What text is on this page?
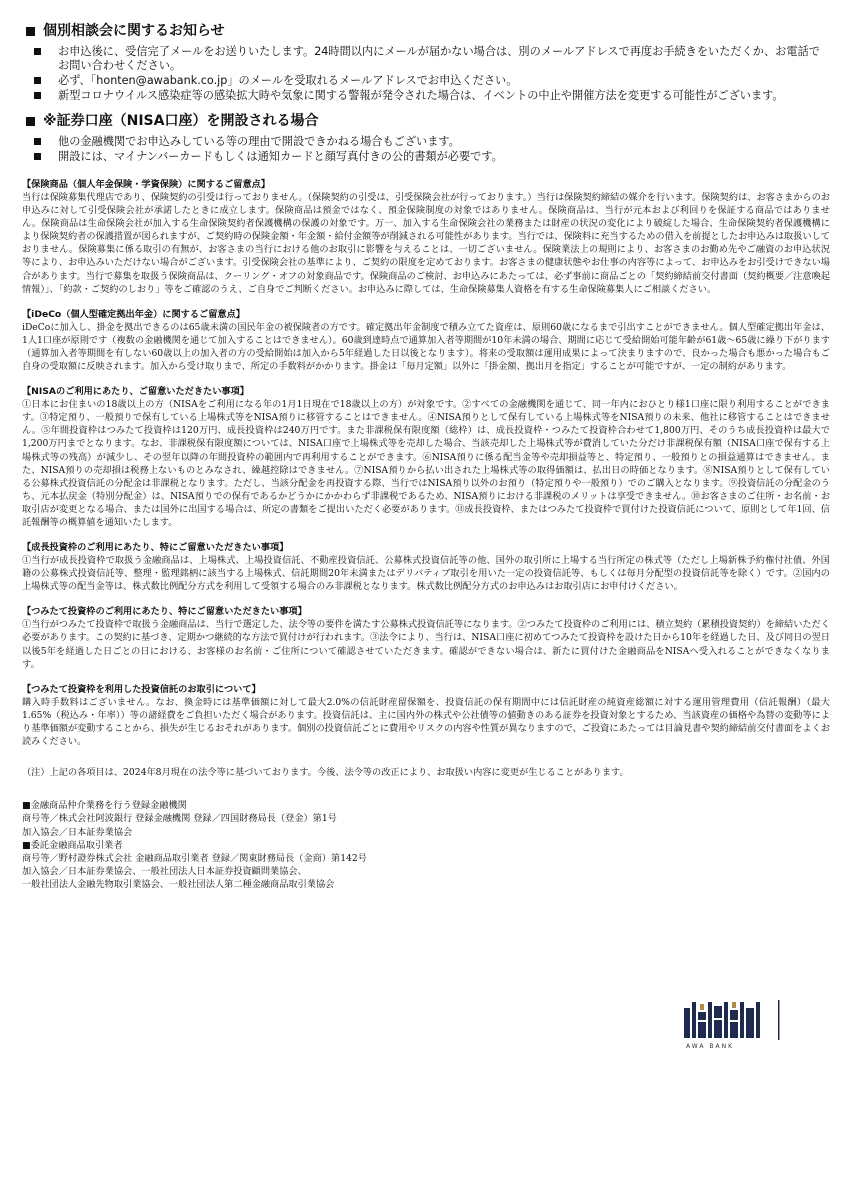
個別相談会に関するお知らせ
お申込後に、受信完了メールをお送りいたします。24時間以内にメールが届かない場合は、別のメールアドレスで再度お手続きをいただくか、お電話でお問い合わせください。
必ず、「honten@awabank.co.jp」のメールを受取れるメールアドレスでお申込ください。
新型コロナウイルス感染症等の感染拡大時や気象に関する警報が発令された場合は、イベントの中止や開催方法を変更する可能性がございます。
※証券口座（NISA口座）を開設される場合
他の金融機関でお申込みしている等の理由で開設できかねる場合もございます。
開設には、マイナンバーカードもしくは通知カードと顔写真付きの公的書類が必要です。
【保険商品（個人年金保険・学資保険）に関するご留意点】
当行は保険募集代理店であり、保険契約の引受は行っておりません。（保険契約の引受は、引受保険会社が行っております。）当行は保険契約締結の媒介を行います。保険契約は、お客さまからのお申込みに対して引受保険会社が承諾したときに成立します。保険商品は預金ではなく、預金保険制度の対象ではありません。保険商品は、当行が元本および利回りを保証する商品ではありません。保険商品は生命保険会社が加入する生命保険契約者保護機構の保護の対象です。万一、加入する生命保険会社の業務または財産の状況の変化により破綻した場合、生命保険契約者保護機構により保険契約者の保護措置が図られますが、ご契約時の保険金額・年金額・給付金額等が削減される可能性があります。当行では、保険料に充当するための借入を前提としたお申込みは取扱いしておりません。保険募集に係る取引の有無が、お客さまの当行における他のお取引に影響を与えることは、一切ございません。保険業法上の規則により、お客さまのお勤め先やご融資のお申込状況等により、お申込みいただけない場合がございます。引受保険会社の基準により、ご契約の限度を定めております。お客さまの健康状態やお仕事の内容等によって、お申込みをお引受けできない場合があります。当行で募集を取扱う保険商品は、クーリング・オフの対象商品です。保険商品のご検討、お申込みにあたっては、必ず事前に商品ごとの「契約締結前交付書面（契約概要／注意喚起情報）」、「約款・ご契約のしおり」等をご確認のうえ、ご自身でご判断ください。お申込みに際しては、生命保険募集人資格を有する生命保険募集人にご相談ください。
【iDeCo（個人型確定拠出年金）に関するご留意点】
iDeCoに加入し、掛金を拠出できるのは65歳未満の国民年金の被保険者の方です。確定拠出年金制度で積み立てた資産は、原則60歳になるまで引出すことができません。個人型確定拠出年金は、1人1口座が原則です（複数の金融機関を通じて加入することはできません）。60歳到達時点で通算加入者等期間が10年未満の場合、期間に応じて受給開始可能年齢が61歳～65歳に繰り下がります（通算加入者等期間を有しない60歳以上の加入者の方の受給開始は加入から5年経過した日以後となります）。将来の受取額は運用成果によって決まりますので、良かった場合も悪かった場合もご自身の受取額に反映されます。加入から受け取りまで、所定の手数料がかかります。掛金は「毎月定額」以外に「掛金額、拠出月を指定」することが可能ですが、一定の制約があります。
【NISAのご利用にあたり、ご留意いただきたい事項】
①日本にお住まいの18歳以上の方（NISAをご利用になる年の1月1日現在で18歳以上の方）が対象です。②すべての金融機関を通じて、同一年内におひとり様1口座に限り利用することができます。③特定預り、一般預りで保有している上場株式等をNISA預りに移管することはできません。④NISA預りとして保有している上場株式等をNISA預りの未来、他社に移管することはできません。⑤年間投資枠はつみたて投資枠は120万円、成長投資枠は240万円です。また非課税保有限度額（総枠）は、成長投資枠・つみたて投資枠合わせて1,800万円、そのうち成長投資枠は最大で1,200万円までとなります。なお、非課税保有限度額については、NISA口座で上場株式等を売却した場合、当該売却した上場株式等が費消していた分だけ非課税保有額（NISA口座で保有する上場株式等の残高）が減少し、その翌年以降の年間投資枠の範囲内で再利用することができます。⑥NISA預りに係る配当金等や売却損益等と、特定預り、一般預りとの損益通算はできません。また、NISA預りの売却損は税務上ないものとみなされ、繰越控除はできません。⑦NISA預りから払い出された上場株式等の取得価額は、払出日の時価となります。⑧NISA預りとして保有している公募株式投資信託の分配金は非課税となります。ただし、当該分配金を再投資する際、当行ではNISA預り以外のお預り（特定預りや一般預り）でのご購入となります。⑨投資信託の分配金のうち、元本払戻金（特別分配金）は、NISA預りでの保有であるかどうかにかかわらず非課税であるため、NISA預りにおける非課税のメリットは享受できません。⑩お客さまのご住所・お名前・お取引店が変更となる場合、または国外に出国する場合は、所定の書類をご提出いただく必要があります。⑪成長投資枠、またはつみたて投資枠で買付けた投資信託について、原則として年1回、信託報酬等の概算値を通知いたします。
【成長投資枠のご利用にあたり、特にご留意いただきたい事項】
①当行が成長投資枠で取扱う金融商品は、上場株式、上場投資信託、不動産投資信託、公募株式投資信託等の他、国外の取引所に上場する当行所定の株式等（ただし上場新株予約権付社債、外国籍の公募株式投資信託等、整理・監理銘柄に該当する上場株式、信託期間20年未満またはデリバティブ取引を用いた一定の投資信託等、もしくは毎月分配型の投資信託等を除く）です。②国内の上場株式等の配当金等は、株式数比例配分方式を利用して受領する場合のみ非課税となります。株式数比例配分方式のお申込みはお取引店にお申付けください。
【つみたて投資枠のご利用にあたり、特にご留意いただきたい事項】
①当行がつみたて投資枠で取扱う金融商品は、当行で選定した、法令等の要件を満たす公募株式投資信託等になります。②つみたて投資枠のご利用には、積立契約（累積投資契約）を締結いただく必要があります。この契約に基づき、定期かつ継続的な方法で買付けが行われます。③法令により、当行は、NISA口座に初めてつみたて投資枠を設けた日から10年を経過した日、及び同日の翌日以後5年を経過した日ごとの日における、お客様のお名前・ご住所について確認させていただきます。確認ができない場合は、新たに買付けた金融商品をNISAへ受入れることができなくなります。
【つみたて投資枠を利用した投資信託のお取引について】
購入時手数料はございません。なお、換金時には基準価額に対して最大2.0%の信託財産留保額を、投資信託の保有期間中には信託財産の純資産総額に対する運用管理費用（信託報酬）（最大1.65%（税込み・年率））等の諸経費をご負担いただく場合があります。投資信託は、主に国内外の株式や公社債等の値動きのある証券を投資対象とするため、当該資産の価格や為替の変動等により基準価額が変動することから、損失が生じるおそれがあります。個別の投資信託ごとに費用やリスクの内容や性質が異なりますので、ご投資にあたっては目論見書や契約締結前交付書面をよくお読みください。
（注）上記の各項目は、2024年8月現在の法令等に基づいております。今後、法令等の改正により、お取扱い内容に変更が生じることがあります。
■金融商品仲介業務を行う登録金融機関
商号等／株式会社阿波銀行 登録金融機関 登録／四国財務局長（登金）第1号
加入協会／日本証券業協会
■委託金融商品取引業者
商号等／野村證券株式会社 金融商品取引業者 登録／関東財務局長（金商）第142号
加入協会／日本証券業協会、一般社団法人日本証券投資顧問業協会、
一般社団法人金融先物取引業協会、一般社団法人第二種金融商品取引業協会
AWA BANK
